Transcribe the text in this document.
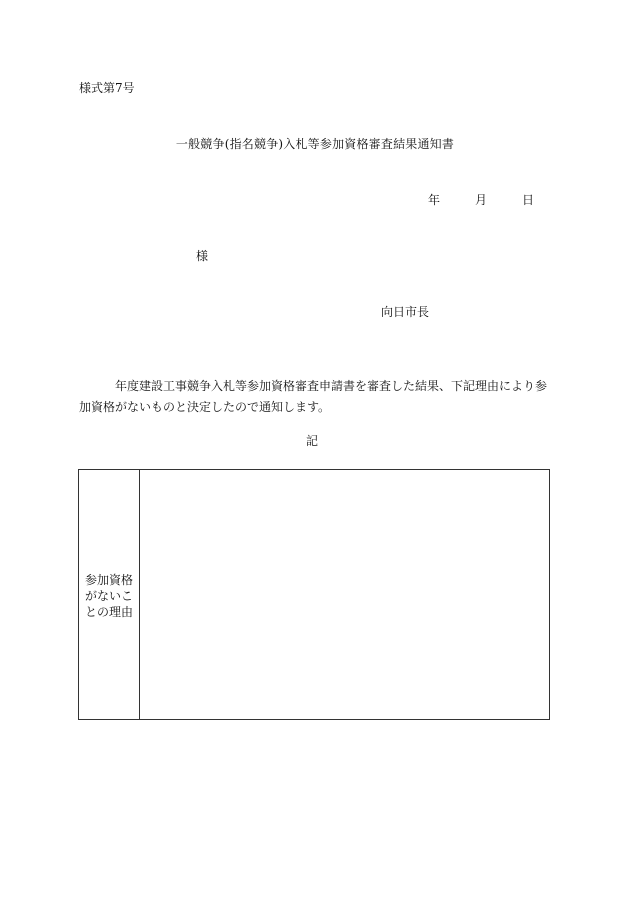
様式第7号
一般競争(指名競争)入札等参加資格審査結果通知書
年	月	日
様
向日市長
年度建設工事競争入札等参加資格審査申請書を審査した結果、下記理由により参加資格がないものと決定したので通知します。
記
参加資格がないことの理由
